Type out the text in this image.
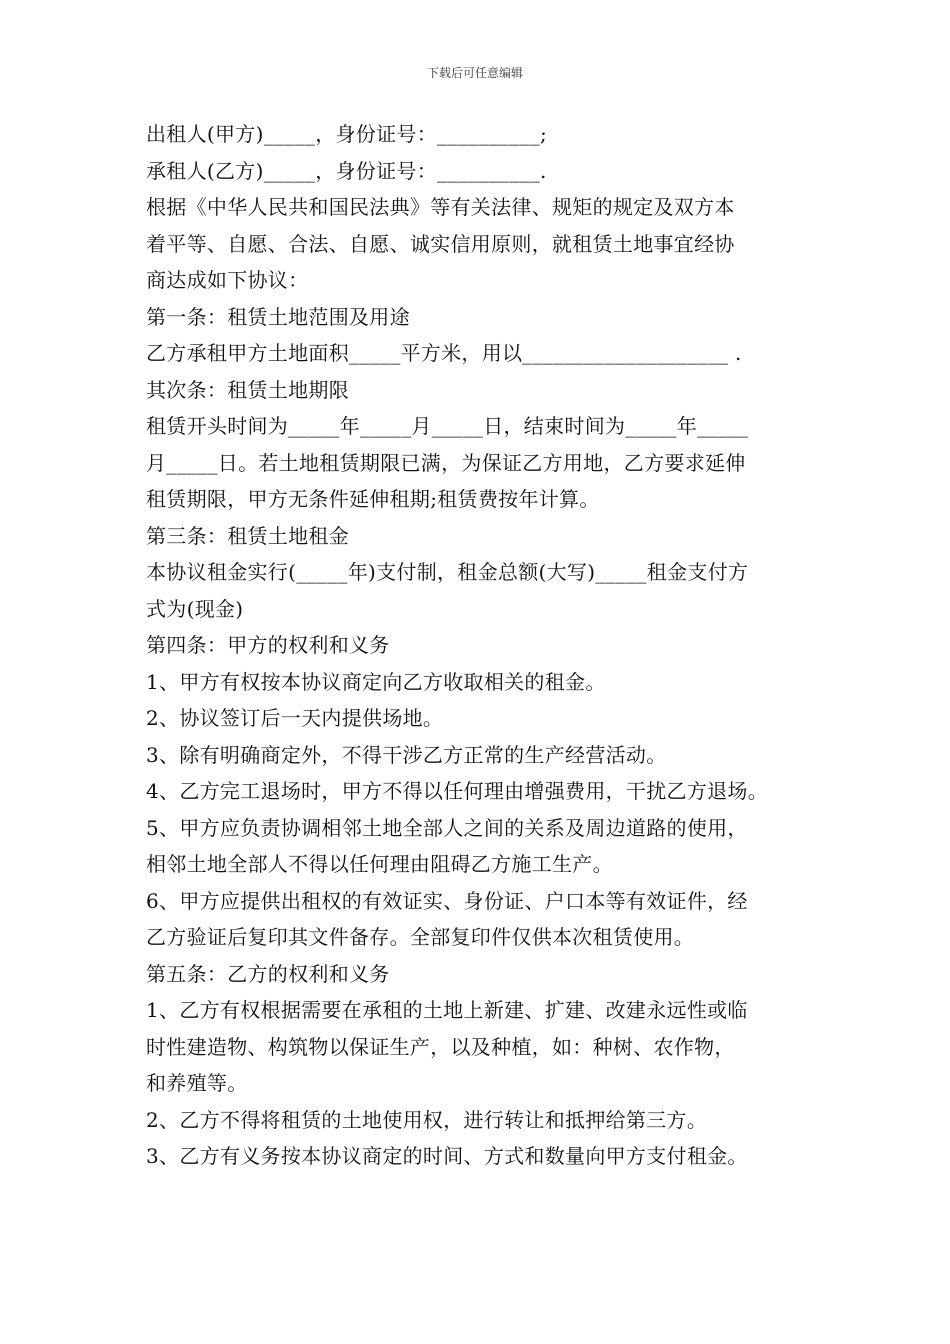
下载后可任意编辑
出租人(甲方)_____，身份证号：__________;
承租人(乙方)_____，身份证号：__________.
根据《中华人民共和国民法典》等有关法律、规矩的规定及双方本
着平等、自愿、合法、自愿、诚实信用原则，就租赁土地事宜经协
商达成如下协议：
第一条：租赁土地范围及用途
乙方承租甲方土地面积_____平方米，用以____________________ .
其次条：租赁土地期限
租赁开头时间为_____年_____月_____日，结束时间为_____年_____
月_____日。若土地租赁期限已满，为保证乙方用地，乙方要求延伸
租赁期限，甲方无条件延伸租期;租赁费按年计算。
第三条：租赁土地租金
本协议租金实行(_____年)支付制，租金总额(大写)_____租金支付方
式为(现金)
第四条：甲方的权利和义务
1、甲方有权按本协议商定向乙方收取相关的租金。
2、协议签订后一天内提供场地。
3、除有明确商定外，不得干涉乙方正常的生产经营活动。
4、乙方完工退场时，甲方不得以任何理由增强费用，干扰乙方退场。
5、甲方应负责协调相邻土地全部人之间的关系及周边道路的使用，
相邻土地全部人不得以任何理由阻碍乙方施工生产。
6、甲方应提供出租权的有效证实、身份证、户口本等有效证件，经
乙方验证后复印其文件备存。全部复印件仅供本次租赁使用。
第五条：乙方的权利和义务
1、乙方有权根据需要在承租的土地上新建、扩建、改建永远性或临
时性建造物、构筑物以保证生产，以及种植，如：种树、农作物，
和养殖等。
2、乙方不得将租赁的土地使用权，进行转让和抵押给第三方。
3、乙方有义务按本协议商定的时间、方式和数量向甲方支付租金。
